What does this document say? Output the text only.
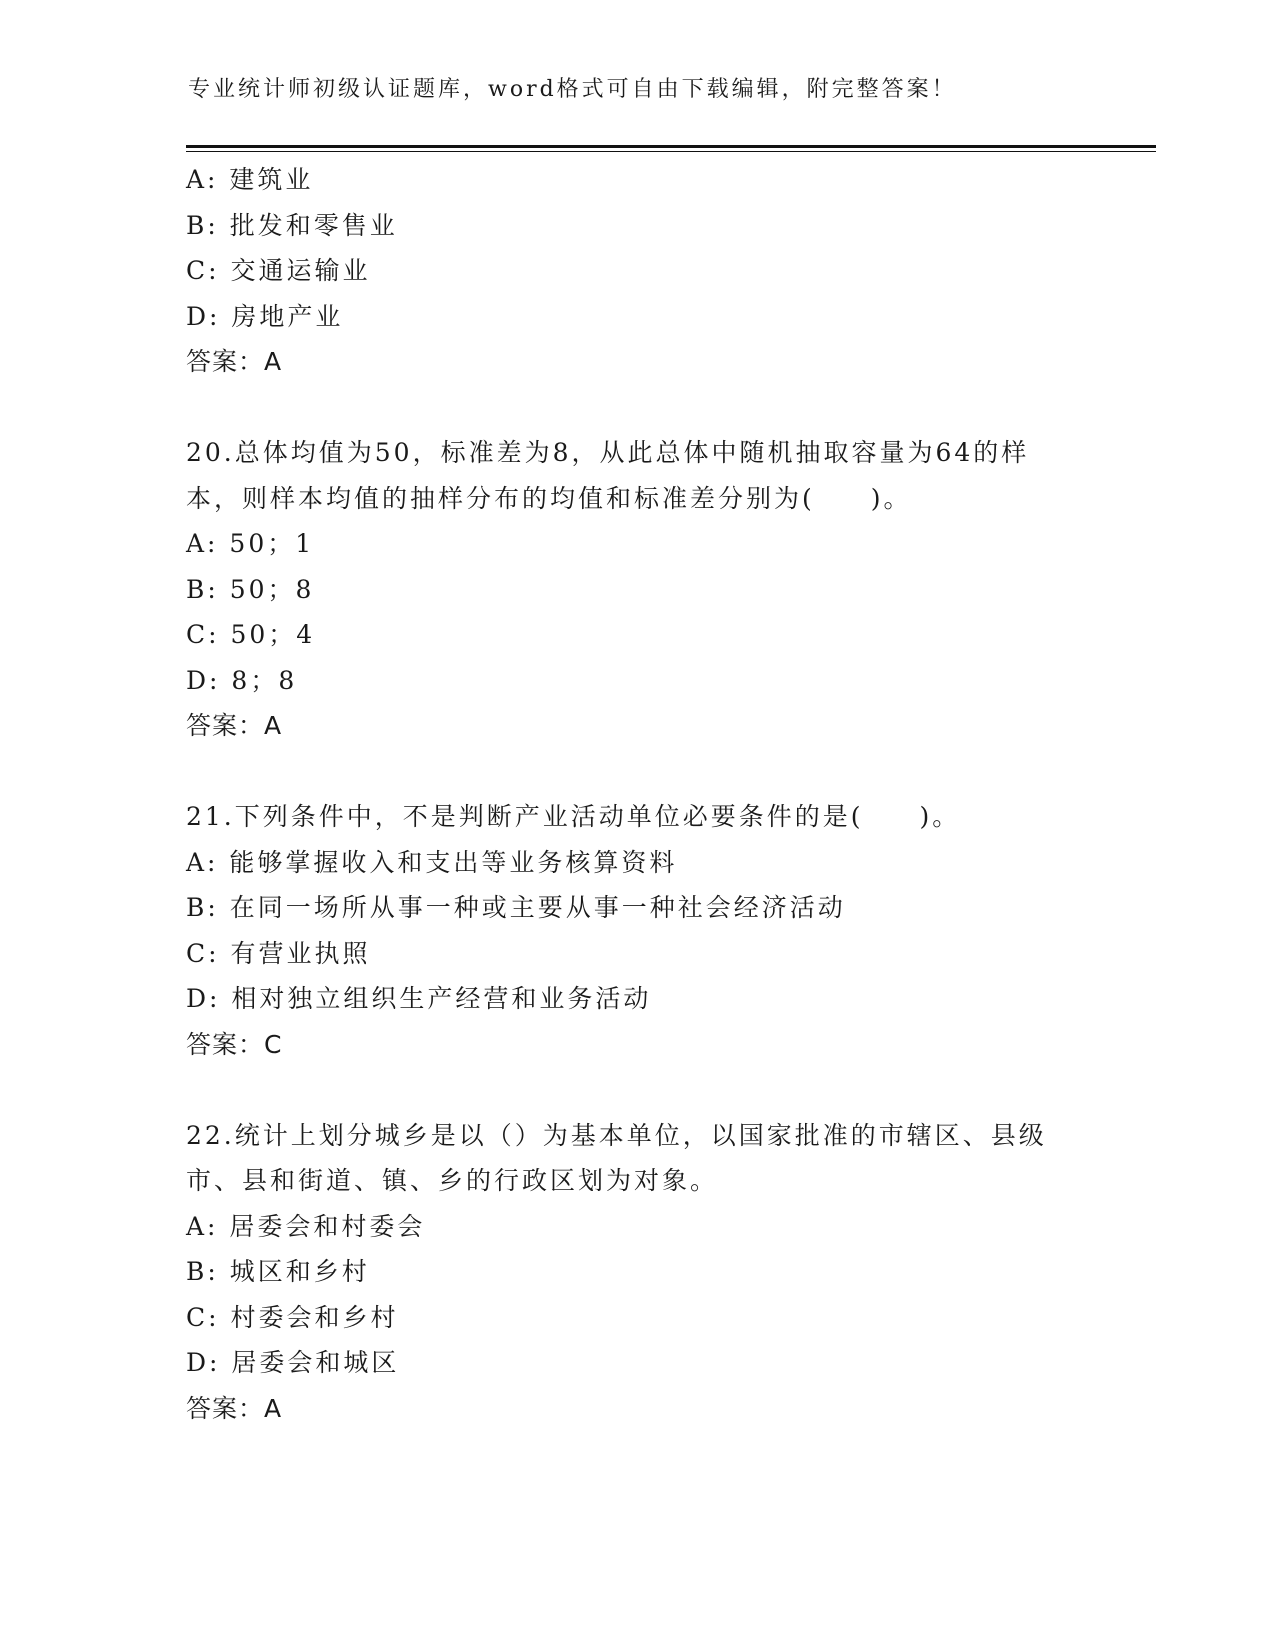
专业统计师初级认证题库，word格式可自由下载编辑，附完整答案！

A: 建筑业

B: 批发和零售业

C: 交通运输业

D: 房地产业

答案：A

20.总体均值为50，标准差为8，从此总体中随机抽取容量为64的样

本，则样本均值的抽样分布的均值和标准差分别为(　　)。

A: 50；1

B: 50；8

C: 50；4

D: 8；8

答案：A

21.下列条件中，不是判断产业活动单位必要条件的是(　　)。

A: 能够掌握收入和支出等业务核算资料

B: 在同一场所从事一种或主要从事一种社会经济活动

C: 有营业执照

D: 相对独立组织生产经营和业务活动

答案：C

22.统计上划分城乡是以（）为基本单位，以国家批准的市辖区、县级

市、县和街道、镇、乡的行政区划为对象。

A: 居委会和村委会

B: 城区和乡村

C: 村委会和乡村

D: 居委会和城区

答案：A
